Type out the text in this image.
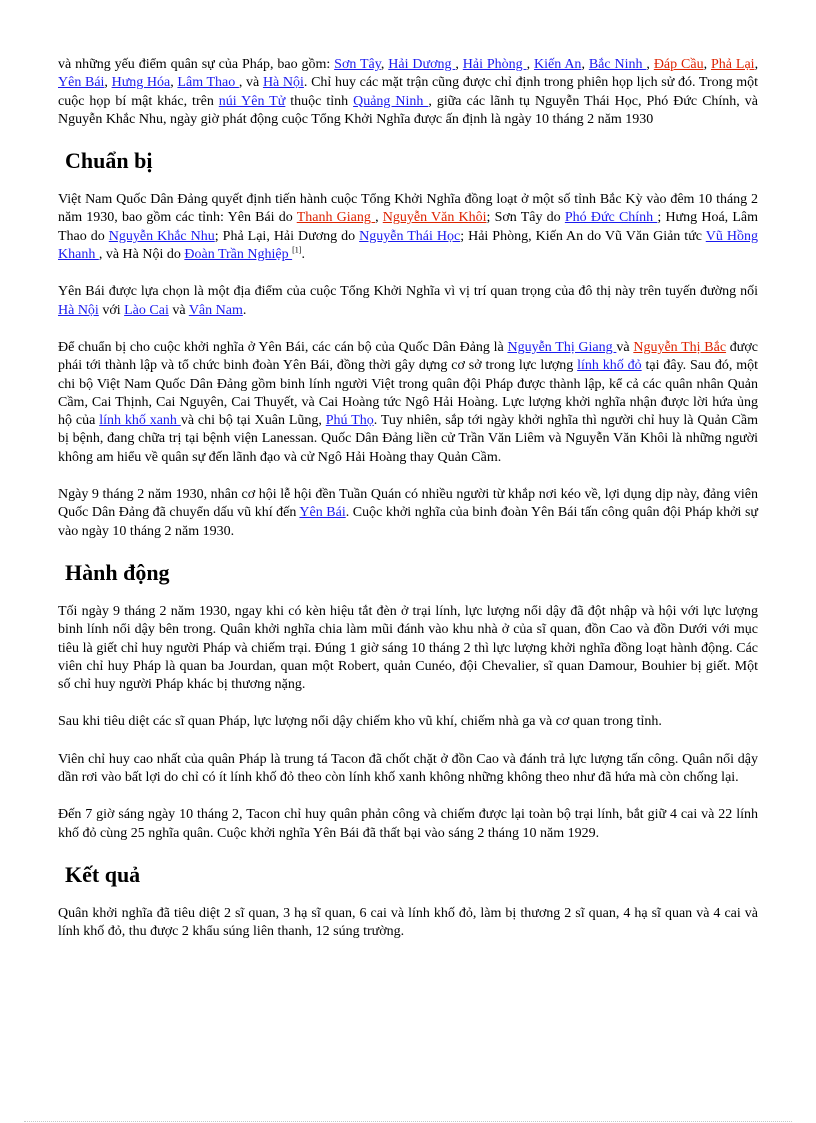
và những yếu điểm quân sự của Pháp, bao gồm: Sơn Tây, Hải Dương , Hải Phòng , Kiến An, Bắc Ninh , Đáp Cầu, Phả Lại, Yên Bái, Hưng Hóa, Lâm Thao , và Hà Nội. Chỉ huy các mặt trận cũng được chỉ định trong phiên họp lịch sử đó. Trong một cuộc họp bí mật khác, trên núi Yên Tử thuộc tỉnh Quảng Ninh , giữa các lãnh tụ Nguyễn Thái Học, Phó Đức Chính, và Nguyễn Khắc Nhu, ngày giờ phát động cuộc Tổng Khởi Nghĩa được ấn định là ngày 10 tháng 2 năm 1930

Chuẩn bị

Việt Nam Quốc Dân Đảng quyết định tiến hành cuộc Tổng Khởi Nghĩa đồng loạt ở một số tỉnh Bắc Kỳ vào đêm 10 tháng 2 năm 1930, bao gồm các tỉnh: Yên Bái do Thanh Giang , Nguyễn Văn Khôi; Sơn Tây do Phó Đức Chính ; Hưng Hoá, Lâm Thao do Nguyễn Khắc Nhu; Phả Lại, Hải Dương do Nguyễn Thái Học; Hải Phòng, Kiến An do Vũ Văn Giản tức Vũ Hồng Khanh , và Hà Nội do Đoàn Trần Nghiệp [1].

Yên Bái được lựa chọn là một địa điểm của cuộc Tổng Khởi Nghĩa vì vị trí quan trọng của đô thị này trên tuyến đường nối Hà Nội với Lào Cai và Vân Nam.

Để chuẩn bị cho cuộc khởi nghĩa ở Yên Bái, các cán bộ của Quốc Dân Đảng là Nguyễn Thị Giang và Nguyễn Thị Bắc được phái tới thành lập và tổ chức binh đoàn Yên Bái, đồng thời gây dựng cơ sở trong lực lượng lính khố đỏ tại đây. Sau đó, một chi bộ Việt Nam Quốc Dân Đảng gồm binh lính người Việt trong quân đội Pháp được thành lập, kể cả các quân nhân Quản Cầm, Cai Thịnh, Cai Nguyên, Cai Thuyết, và Cai Hoàng tức Ngô Hải Hoàng. Lực lượng khởi nghĩa nhận được lời hứa ủng hộ của lính khố xanh và chi bộ tại Xuân Lũng, Phú Thọ. Tuy nhiên, sắp tới ngày khởi nghĩa thì người chỉ huy là Quản Cầm bị bệnh, đang chữa trị tại bệnh viện Lanessan. Quốc Dân Đảng liền cử Trần Văn Liêm và Nguyễn Văn Khôi là những người không am hiểu về quân sự đến lãnh đạo và cử Ngô Hải Hoàng thay Quản Cầm.

Ngày 9 tháng 2 năm 1930, nhân cơ hội lễ hội đền Tuần Quán có nhiều người từ khắp nơi kéo về, lợi dụng dịp này, đảng viên Quốc Dân Đảng đã chuyển dấu vũ khí đến Yên Bái. Cuộc khởi nghĩa của binh đoàn Yên Bái tấn công quân đội Pháp khởi sự vào ngày 10 tháng 2 năm 1930.

Hành động

Tối ngày 9 tháng 2 năm 1930, ngay khi có kèn hiệu tắt đèn ở trại lính, lực lượng nổi dậy đã đột nhập và hội với lực lượng binh lính nổi dậy bên trong. Quân khởi nghĩa chia làm mũi đánh vào khu nhà ở của sĩ quan, đồn Cao và đồn Dưới với mục tiêu là giết chỉ huy người Pháp và chiếm trại. Đúng 1 giờ sáng 10 tháng 2 thì lực lượng khởi nghĩa đồng loạt hành động. Các viên chỉ huy Pháp là quan ba Jourdan, quan một Robert, quản Cunéo, đội Chevalier, sĩ quan Damour, Bouhier bị giết. Một số chỉ huy người Pháp khác bị thương nặng.

Sau khi tiêu diệt các sĩ quan Pháp, lực lượng nổi dậy chiếm kho vũ khí, chiếm nhà ga và cơ quan trong tỉnh.

Viên chỉ huy cao nhất của quân Pháp là trung tá Tacon đã chốt chặt ở đồn Cao và đánh trả lực lượng tấn công. Quân nổi dậy dần rơi vào bất lợi do chỉ có ít lính khố đỏ theo còn lính khố xanh không những không theo như đã hứa mà còn chống lại.

Đến 7 giờ sáng ngày 10 tháng 2, Tacon chỉ huy quân phản công và chiếm được lại toàn bộ trại lính, bắt giữ 4 cai và 22 lính khố đỏ cùng 25 nghĩa quân. Cuộc khởi nghĩa Yên Bái đã thất bại vào sáng 2 tháng 10 năm 1929.

Kết quả

Quân khởi nghĩa đã tiêu diệt 2 sĩ quan, 3 hạ sĩ quan, 6 cai và lính khố đỏ, làm bị thương 2 sĩ quan, 4 hạ sĩ quan và 4 cai và lính khố đỏ, thu được 2 khẩu súng liên thanh, 12 súng trường.
